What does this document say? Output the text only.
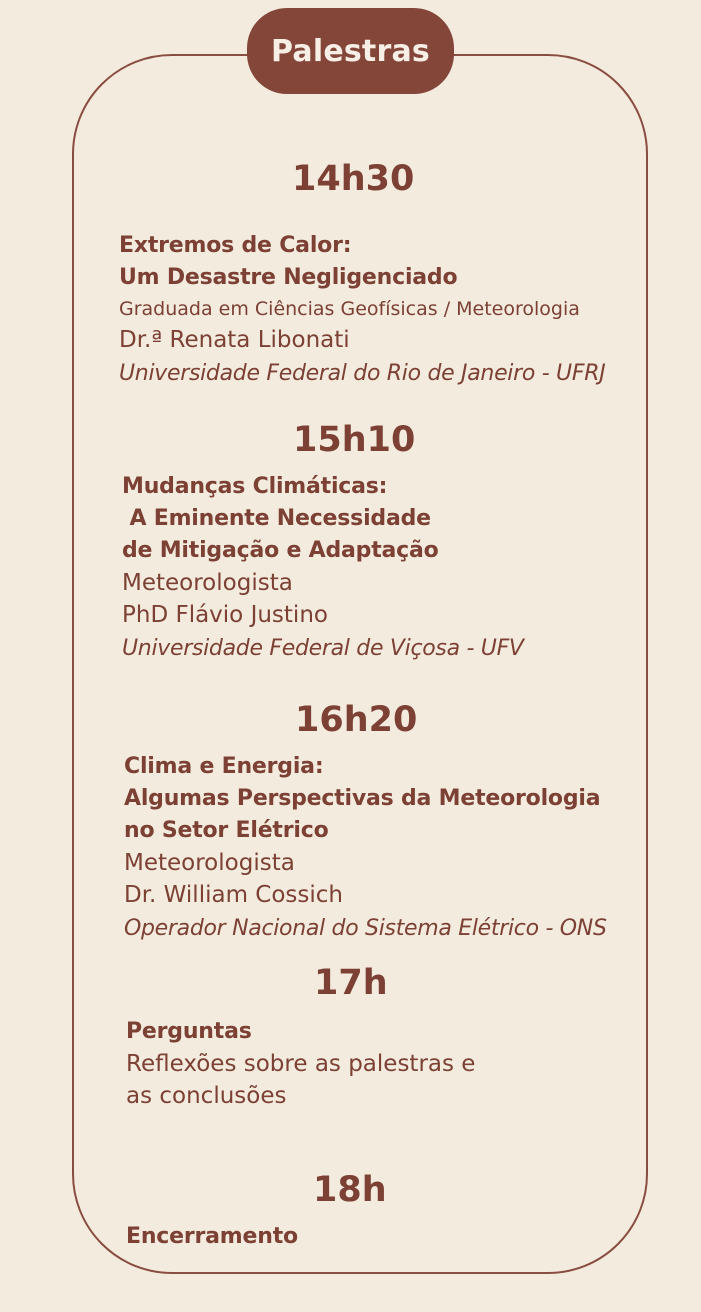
Palestras
14h30
Extremos de Calor:
Um Desastre Negligenciado
Graduada em Ciências Geofísicas / Meteorologia
Dr.ª Renata Libonati
Universidade Federal do Rio de Janeiro - UFRJ
15h10
Mudanças Climáticas:
A Eminente Necessidade
de Mitigação e Adaptação
Meteorologista
PhD Flávio Justino
Universidade Federal de Viçosa - UFV
16h20
Clima e Energia:
Algumas Perspectivas da Meteorologia
no Setor Elétrico
Meteorologista
Dr. William Cossich
Operador Nacional do Sistema Elétrico - ONS
17h
Perguntas
Reflexões sobre as palestras e
as conclusões
18h
Encerramento
